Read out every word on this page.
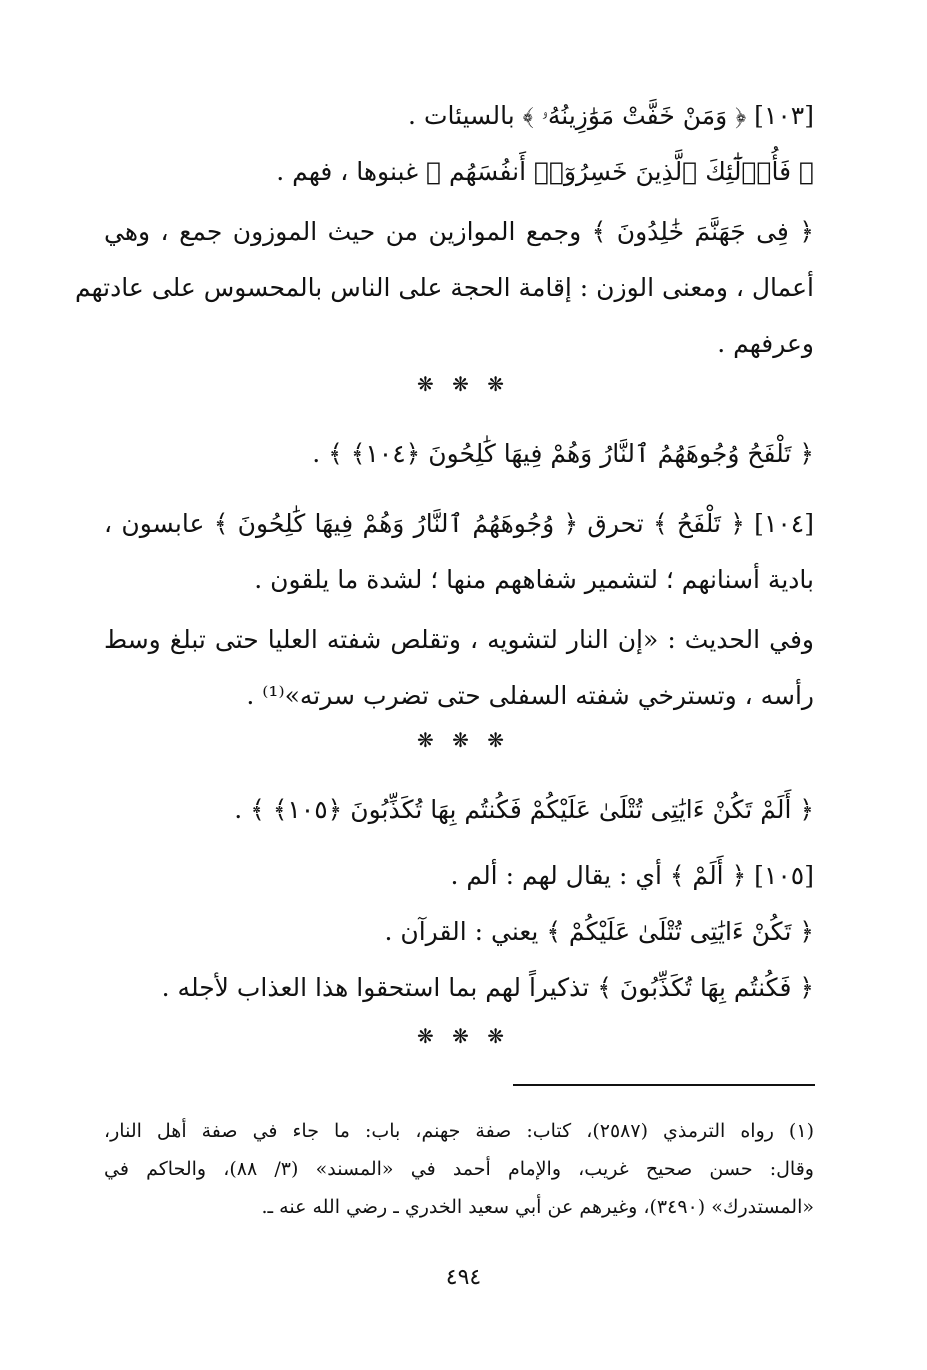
[١٠٣] ﴿ وَمَنْ خَفَّتْ مَوَٰزِينُهُۥ ﴾ بالسيئات .
﴿ فَأُو۟لَٰٓئِكَ ٱلَّذِينَ خَسِرُوٓا۟ أَنفُسَهُم ﴾ غبنوها ، فهم .
﴿ فِى جَهَنَّمَ خَٰلِدُونَ ﴾ وجمع الموازين من حيث الموزون جمع ، وهي
أعمال ، ومعنى الوزن : إقامة الحجة على الناس بالمحسوس على عادتهم
وعرفهم .
❋ ❋ ❋
﴿ تَلْفَحُ وُجُوهَهُمُ ٱلنَّارُ وَهُمْ فِيهَا كَٰلِحُونَ ﴿١٠٤﴾ ﴾ .
[١٠٤] ﴿ تَلْفَحُ ﴾ تحرق ﴿ وُجُوهَهُمُ ٱلنَّارُ وَهُمْ فِيهَا كَٰلِحُونَ ﴾ عابسون ،
بادية أسنانهم ؛ لتشمير شفاههم منها ؛ لشدة ما يلقون .
وفي الحديث : «إن النار لتشويه ، وتقلص شفته العليا حتى تبلغ وسط
رأسه ، وتسترخي شفته السفلى حتى تضرب سرته»⁽¹⁾ .
❋ ❋ ❋
﴿ أَلَمْ تَكُنْ ءَايَٰتِى تُتْلَىٰ عَلَيْكُمْ فَكُنتُم بِهَا تُكَذِّبُونَ ﴿١٠٥﴾ ﴾ .
[١٠٥] ﴿ أَلَمْ ﴾ أي : يقال لهم : ألم .
﴿ تَكُنْ ءَايَٰتِى تُتْلَىٰ عَلَيْكُمْ ﴾ يعني : القرآن .
﴿ فَكُنتُم بِهَا تُكَذِّبُونَ ﴾ تذكيراً لهم بما استحقوا هذا العذاب لأجله .
❋ ❋ ❋
(١) رواه الترمذي (٢٥٨٧)، كتاب: صفة جهنم، باب: ما جاء في صفة أهل النار،
وقال: حسن صحيح غريب، والإمام أحمد في «المسند» (٣/ ٨٨)، والحاكم في
«المستدرك» (٣٤٩٠)، وغيرهم عن أبي سعيد الخدري ـ رضي الله عنه ـ.
٤٩٤
